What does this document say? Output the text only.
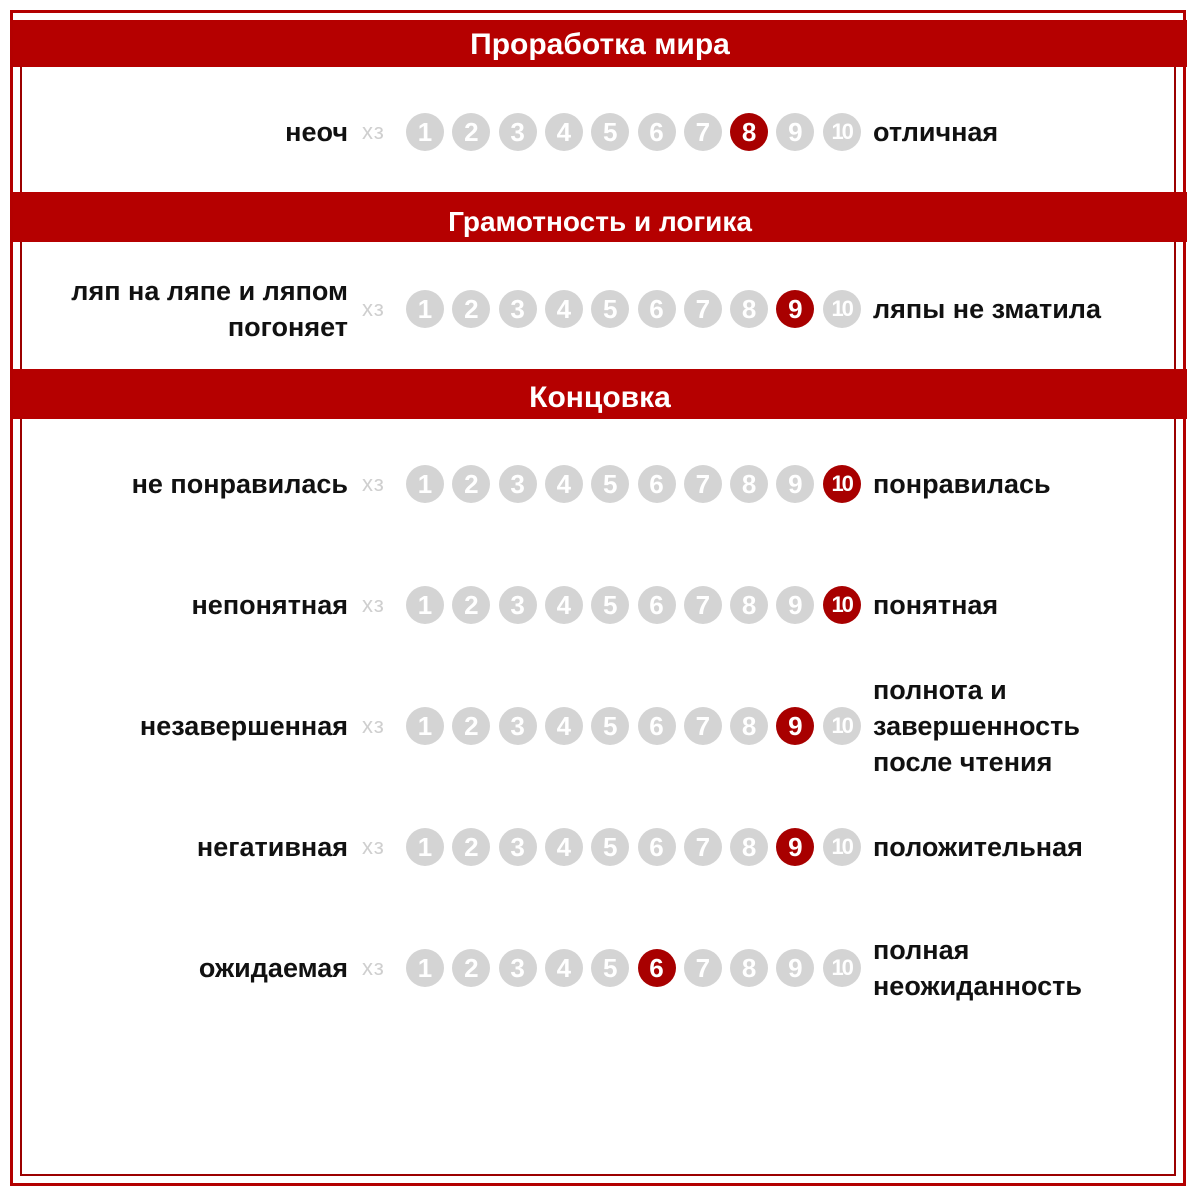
Проработка мира
неоч хз	1	2	3	4	5	6	7	8	9	10 отличная
Грамотность и логика
ляп на ляпе и ляпом
погоняет
хз	1	2	3	4	5	6	7	8	9	10 ляпы не зматила
Концовка
не понравилась хз	1	2	3	4	5	6	7	8	9	10 понравилась
непонятная хз	1	2	3	4	5	6	7	8	9	10 понятная
незавершенная хз	1	2	3	4	5	6	7	8	9	10
полнота и
завершенность
после чтения
негативная хз	1	2	3	4	5	6	7	8	9	10 положительная
ожидаемая хз	1	2	3	4	5	6	7	8	9	10
полная
неожиданность
